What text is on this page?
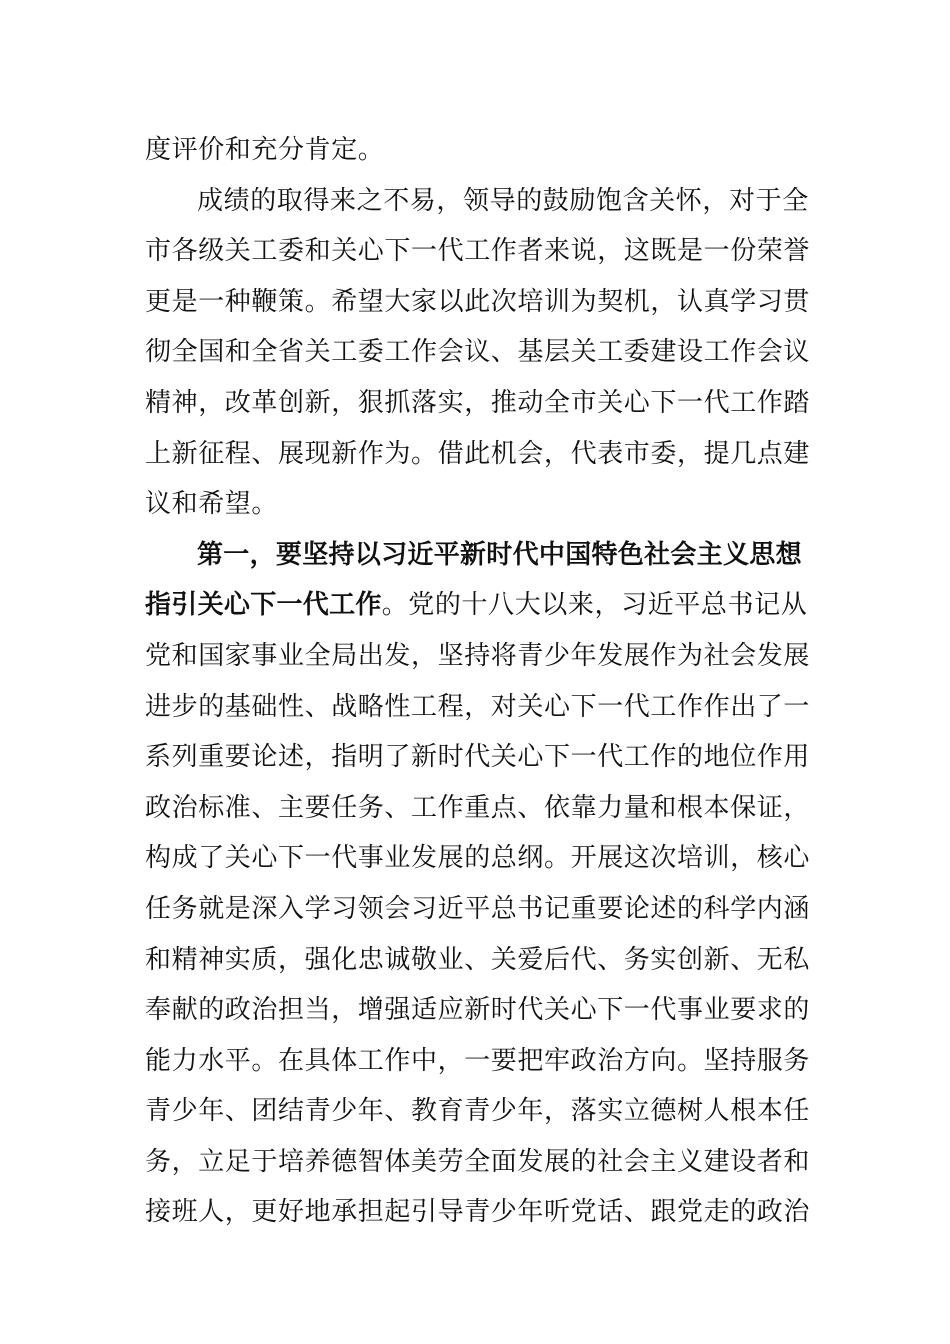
度评价和充分肯定。
成绩的取得来之不易，领导的鼓励饱含关怀，对于全
市各级关工委和关心下一代工作者来说，这既是一份荣誉
更是一种鞭策。希望大家以此次培训为契机，认真学习贯
彻全国和全省关工委工作会议、基层关工委建设工作会议
精神，改革创新，狠抓落实，推动全市关心下一代工作踏
上新征程、展现新作为。借此机会，代表市委，提几点建
议和希望。
第一，要坚持以习近平新时代中国特色社会主义思想
指引关心下一代工作。党的十八大以来，习近平总书记从
党和国家事业全局出发，坚持将青少年发展作为社会发展
进步的基础性、战略性工程，对关心下一代工作作出了一
系列重要论述，指明了新时代关心下一代工作的地位作用
政治标准、主要任务、工作重点、依靠力量和根本保证，
构成了关心下一代事业发展的总纲。开展这次培训，核心
任务就是深入学习领会习近平总书记重要论述的科学内涵
和精神实质，强化忠诚敬业、关爱后代、务实创新、无私
奉献的政治担当，增强适应新时代关心下一代事业要求的
能力水平。在具体工作中，一要把牢政治方向。坚持服务
青少年、团结青少年、教育青少年，落实立德树人根本任
务，立足于培养德智体美劳全面发展的社会主义建设者和
接班人，更好地承担起引导青少年听党话、跟党走的政治
